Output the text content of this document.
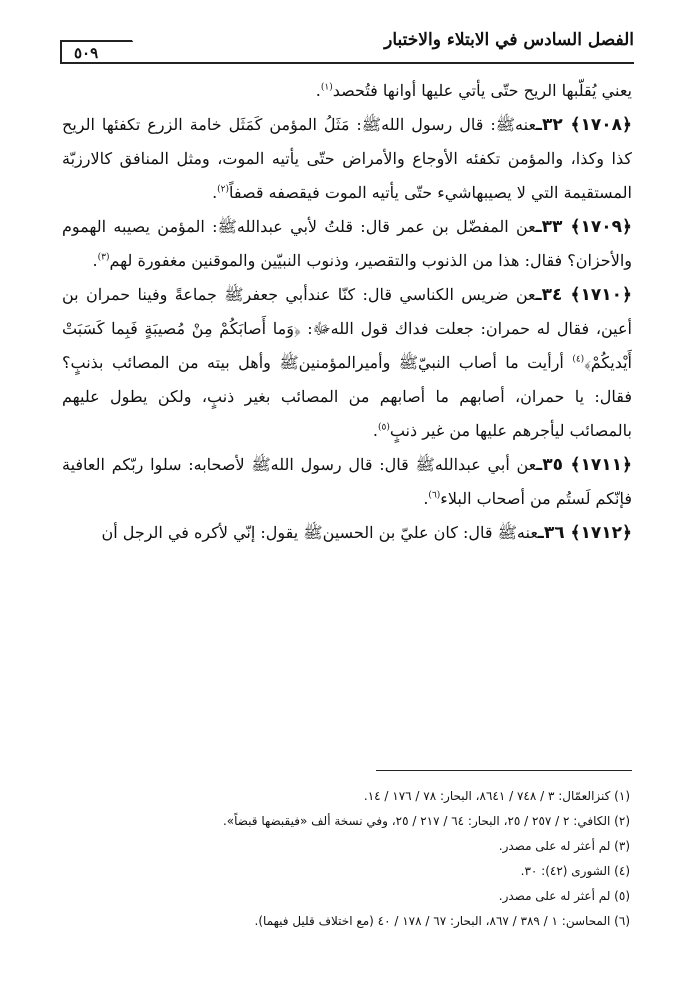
الفصل السادس في الابتلاء والاختبار
٥٠٩

يعني يُقلّبها الريح حتّى يأتي عليها أوانها فتُحصد$^{(١)}$.

﴿١٧٠٨﴾ ٣٢ـعنهﷺ: قال رسول اللهﷺ: مَثَلُ المؤمن كَمَثَل خامة الزرع تكفئها الريح كذا وكذا، والمؤمن تكفئه الأوجاع والأمراض حتّى يأتيه الموت، ومثل المنافق كالارزبّة المستقيمة التي لا يصيبهاشيء حتّى يأتيه الموت فيقصفه قصفاً$^{(٢)}$.

﴿١٧٠٩﴾ ٣٣ـعن المفضّل بن عمر قال: قلتُ لأبي عبداللهﷺ: المؤمن يصيبه الهموم والأحزان؟ فقال: هذا من الذنوب والتقصير، وذنوب النبيّين والموقنين مغفورة لهم$^{(٣)}$.

﴿١٧١٠﴾ ٣٤ـعن ضريس الكناسي قال: كنّا عندأبي جعفرﷺ جماعةً وفينا حمران بن أعين، فقال له حمران: جعلت فداك قول اللهﷻ: ﴿وَما أَصابَكُمْ مِنْ مُصيبَةٍ فَبِما كَسَبَتْ أَيْديكُمْ﴾$^{(٤)}$ أرأيت ما أصاب النبيّﷺ وأميرالمؤمنينﷺ وأهل بيته من المصائب بذنبٍ؟ فقال: يا حمران، أصابهم ما أصابهم من المصائب بغير ذنبٍ، ولكن يطول عليهم بالمصائب ليأجرهم عليها من غير ذنبٍ$^{(٥)}$.

﴿١٧١١﴾ ٣٥ـعن أبي عبداللهﷺ قال: قال رسول اللهﷺ لأصحابه: سلوا ربّكم العافية فإنّكم لَستُم من أصحاب البلاء$^{(٦)}$.

﴿١٧١٢﴾ ٣٦ـعنهﷺ قال: كان عليّ بن الحسينﷺ يقول: إنّي لأكره في الرجل أن

(١) كنزالعمّال: ٣ / ٧٤٨ / ٨٦٤١، البحار: ٧٨ / ١٧٦ / ١٤.

(٢) الكافي: ٢ / ٢٥٧ / ٢٥، البحار: ٦٤ / ٢١٧ / ٢٥، وفي نسخة ألف «فيقبضها قبضاً».

(٣) لم أعثر له على مصدر.

(٤) الشورى (٤٢): ٣٠.

(٥) لم أعثر له على مصدر.

(٦) المحاسن: ١ / ٣٨٩ / ٨٦٧، البحار: ٦٧ / ١٧٨ / ٤٠ (مع اختلاف قليل فيهما).
